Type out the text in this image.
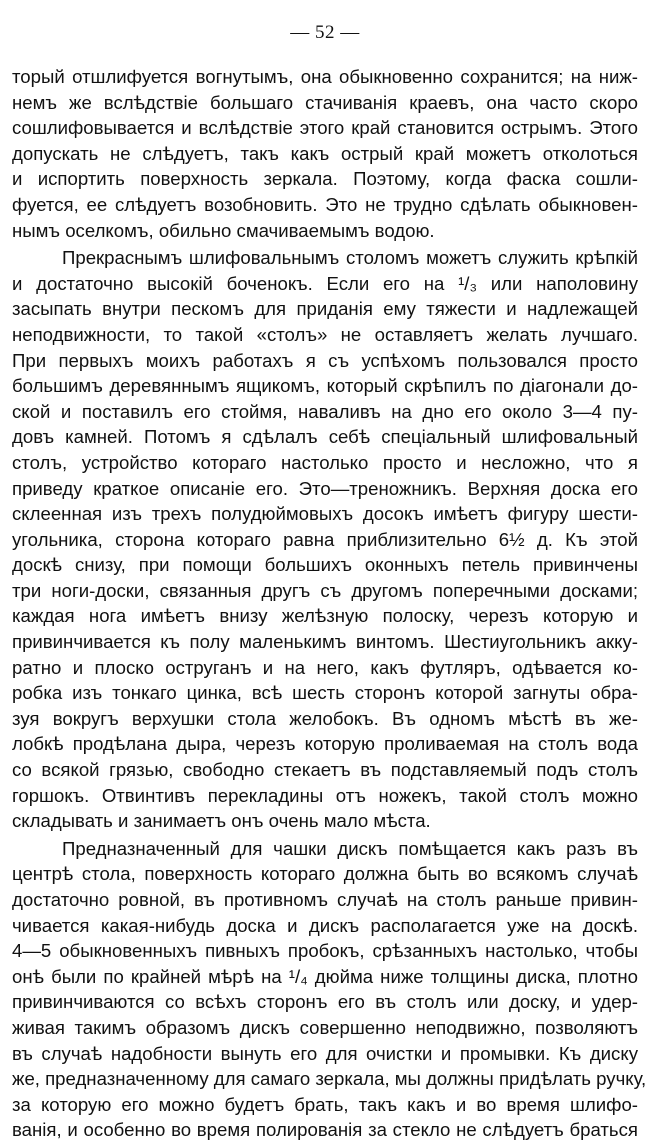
— 52 —
торый отшлифуется вогнутымъ, она обыкновенно сохранится; на ниж-
немъ же вслѣдствіе большаго стачиванія краевъ, она часто скоро
сошлифовывается и вслѣдствіе этого край становится острымъ. Этого
допускать не слѣдуетъ, такъ какъ острый край можетъ отколоться
и испортить поверхность зеркала. Поэтому, когда фаска сошли-
фуется, ее слѣдуетъ возобновить. Это не трудно сдѣлать обыкновен-
нымъ оселкомъ, обильно смачиваемымъ водою.
Прекраснымъ шлифовальнымъ столомъ можетъ служить крѣпкій
и достаточно высокій боченокъ. Если его на ¹/₃ или наполовину
засыпать внутри пескомъ для приданія ему тяжести и надлежащей
неподвижности, то такой «столъ» не оставляетъ желать лучшаго.
При первыхъ моихъ работахъ я съ успѣхомъ пользовался просто
большимъ деревяннымъ ящикомъ, который скрѣпилъ по діагонали до-
ской и поставилъ его стоймя, наваливъ на дно его около 3—4 пу-
довъ камней. Потомъ я сдѣлалъ себѣ спеціальный шлифовальный
столъ, устройство котораго настолько просто и несложно, что я
приведу краткое описаніе его. Это—треножникъ. Верхняя доска его
склеенная изъ трехъ полудюймовыхъ досокъ имѣетъ фигуру шести-
угольника, сторона котораго равна приблизительно 6½ д. Къ этой
доскѣ снизу, при помощи большихъ оконныхъ петель привинчены
три ноги-доски, связанныя другъ съ другомъ поперечными досками;
каждая нога имѣетъ внизу желѣзную полоску, черезъ которую и
привинчивается къ полу маленькимъ винтомъ. Шестиугольникъ акку-
ратно и плоско оструганъ и на него, какъ футляръ, одѣвается ко-
робка изъ тонкаго цинка, всѣ шесть сторонъ которой загнуты обра-
зуя вокругъ верхушки стола желобокъ. Въ одномъ мѣстѣ въ же-
лобкѣ продѣлана дыра, черезъ которую проливаемая на столъ вода
со всякой грязью, свободно стекаетъ въ подставляемый подъ столъ
горшокъ. Отвинтивъ перекладины отъ ножекъ, такой столъ можно
складывать и занимаетъ онъ очень мало мѣста.
Предназначенный для чашки дискъ помѣщается какъ разъ въ
центрѣ стола, поверхность котораго должна быть во всякомъ случаѣ
достаточно ровной, въ противномъ случаѣ на столъ раньше привин-
чивается какая-нибудь доска и дискъ располагается уже на доскѣ.
4—5 обыкновенныхъ пивныхъ пробокъ, срѣзанныхъ настолько, чтобы
онѣ были по крайней мѣрѣ на ¹/₄ дюйма ниже толщины диска, плотно
привинчиваются со всѣхъ сторонъ его въ столъ или доску, и удер-
живая такимъ образомъ дискъ совершенно неподвижно, позволяютъ
въ случаѣ надобности вынуть его для очистки и промывки. Къ диску
же, предназначенному для самаго зеркала, мы должны придѣлать ручку,
за которую его можно будетъ брать, такъ какъ и во время шлифо-
ванія, и особенно во время полированія за стекло не слѣдуетъ браться
